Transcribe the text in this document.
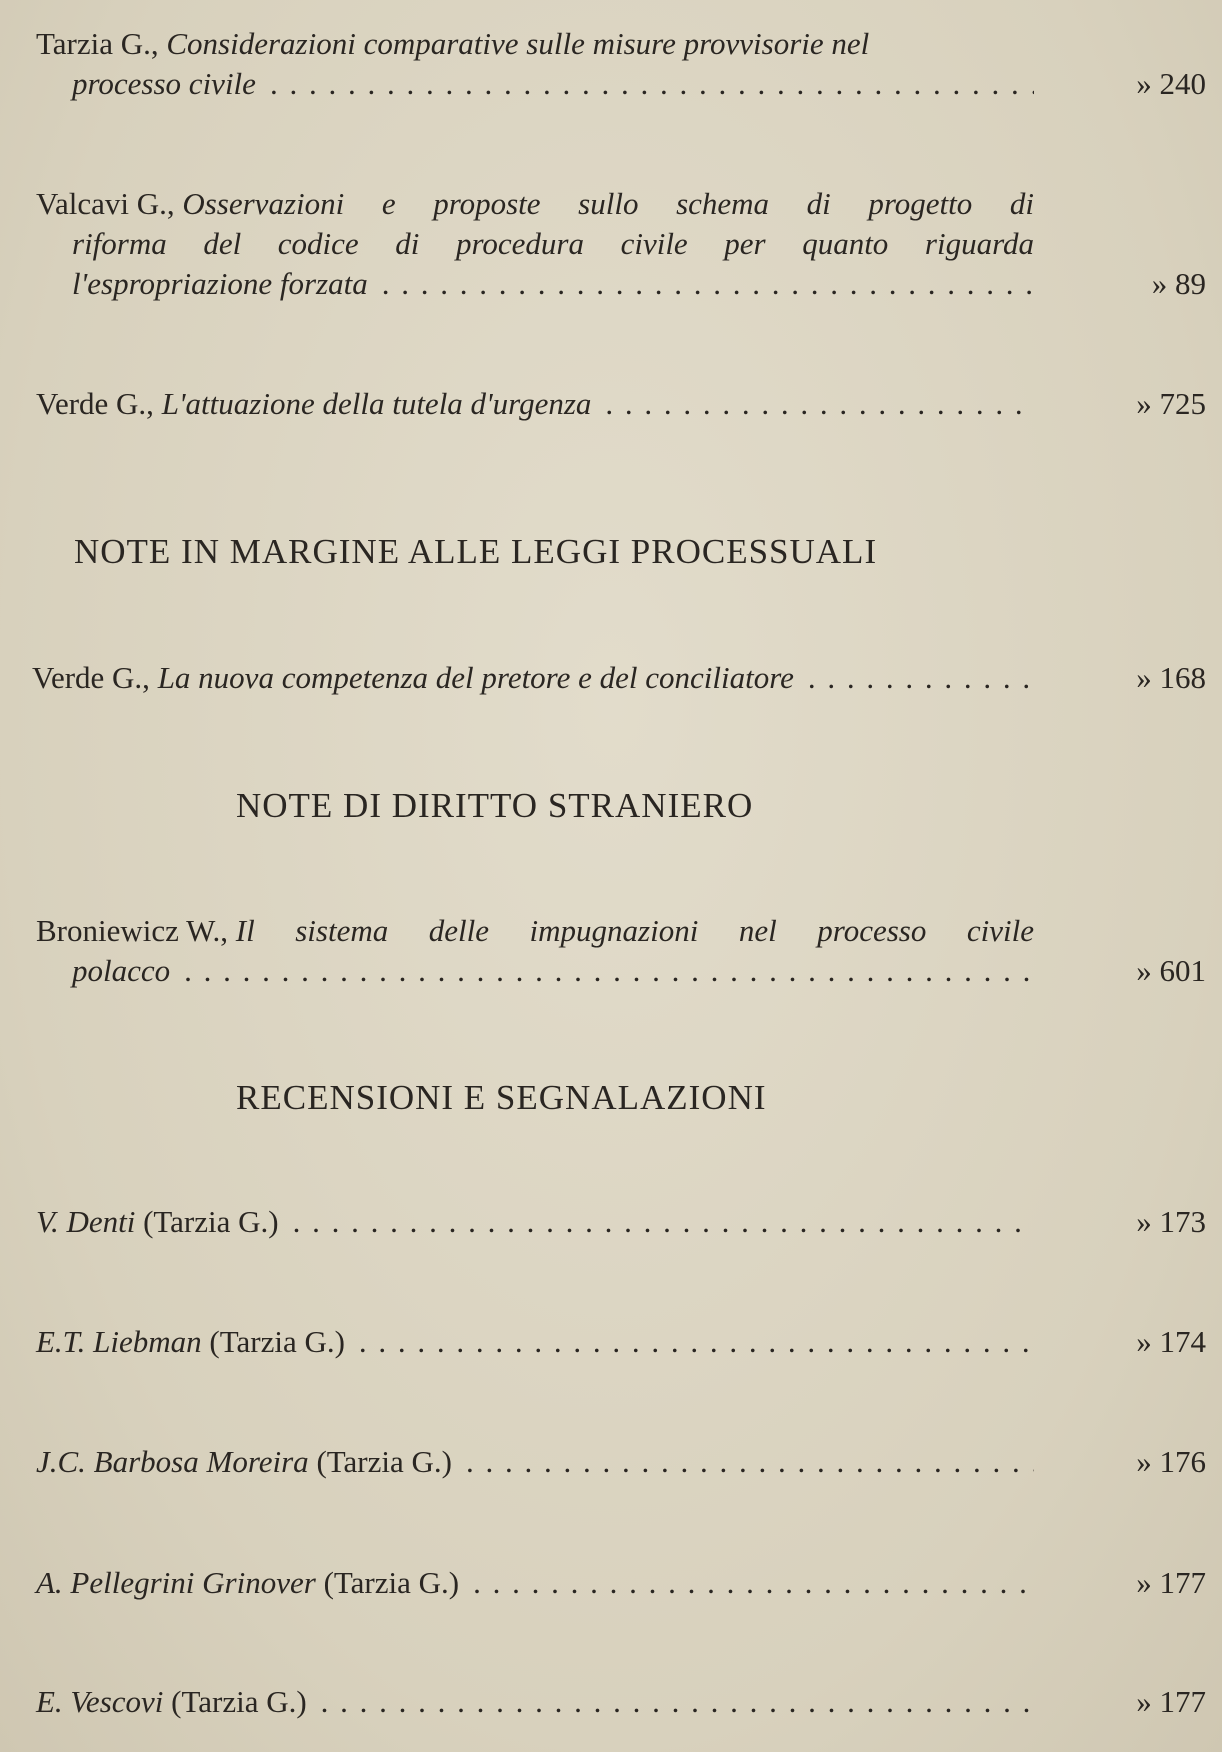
Tarzia G.,
Considerazioni comparative sulle misure provvisorie nel
processo civile . . .	» 240
Valcavi G.,
Osservazioni e proposte sullo schema di progetto di
riforma del codice di procedura civile per quanto riguarda
l'espropriazione forzata . . .	» 89
Verde G.,
L'attuazione della tutela d'urgenza . . .	» 725
NOTE IN MARGINE ALLE LEGGI PROCESSUALI
Verde G.,
La nuova competenza del pretore e del conciliatore . . .	» 168
NOTE DI DIRITTO STRANIERO
Broniewicz W.,
Il sistema delle impugnazioni nel processo civile
polacco . . .	» 601
RECENSIONI E SEGNALAZIONI
V. Denti
(Tarzia G.) . . .	» 173
E.T. Liebman
(Tarzia G.) . . .	» 174
J.C. Barbosa Moreira
(Tarzia G.) . . .	» 176
A. Pellegrini Grinover
(Tarzia G.) . . .	» 177
E. Vescovi
(Tarzia G.) . . .	» 177
